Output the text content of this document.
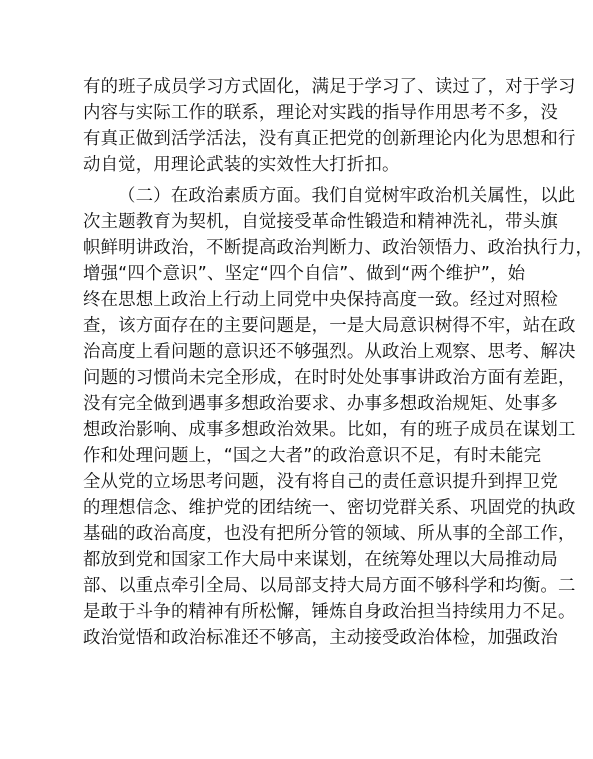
有的班子成员学习方式固化，满足于学习了、读过了，对于学习
内容与实际工作的联系，理论对实践的指导作用思考不多，没
有真正做到活学活法，没有真正把党的创新理论内化为思想和行
动自觉，用理论武装的实效性大打折扣。
（二）在政治素质方面。我们自觉树牢政治机关属性，以此
次主题教育为契机，自觉接受革命性锻造和精神洗礼，带头旗
帜鲜明讲政治，不断提高政治判断力、政治领悟力、政治执行力，
增强“四个意识”、坚定“四个自信”、做到“两个维护”，始
终在思想上政治上行动上同党中央保持高度一致。经过对照检
查，该方面存在的主要问题是，一是大局意识树得不牢，站在政
治高度上看问题的意识还不够强烈。从政治上观察、思考、解决
问题的习惯尚未完全形成，在时时处处事事讲政治方面有差距，
没有完全做到遇事多想政治要求、办事多想政治规矩、处事多
想政治影响、成事多想政治效果。比如，有的班子成员在谋划工
作和处理问题上，“国之大者”的政治意识不足，有时未能完
全从党的立场思考问题，没有将自己的责任意识提升到捍卫党
的理想信念、维护党的团结统一、密切党群关系、巩固党的执政
基础的政治高度，也没有把所分管的领域、所从事的全部工作，
都放到党和国家工作大局中来谋划，在统筹处理以大局推动局
部、以重点牵引全局、以局部支持大局方面不够科学和均衡。二
是敢于斗争的精神有所松懈，锤炼自身政治担当持续用力不足。
政治觉悟和政治标准还不够高，主动接受政治体检，加强政治
